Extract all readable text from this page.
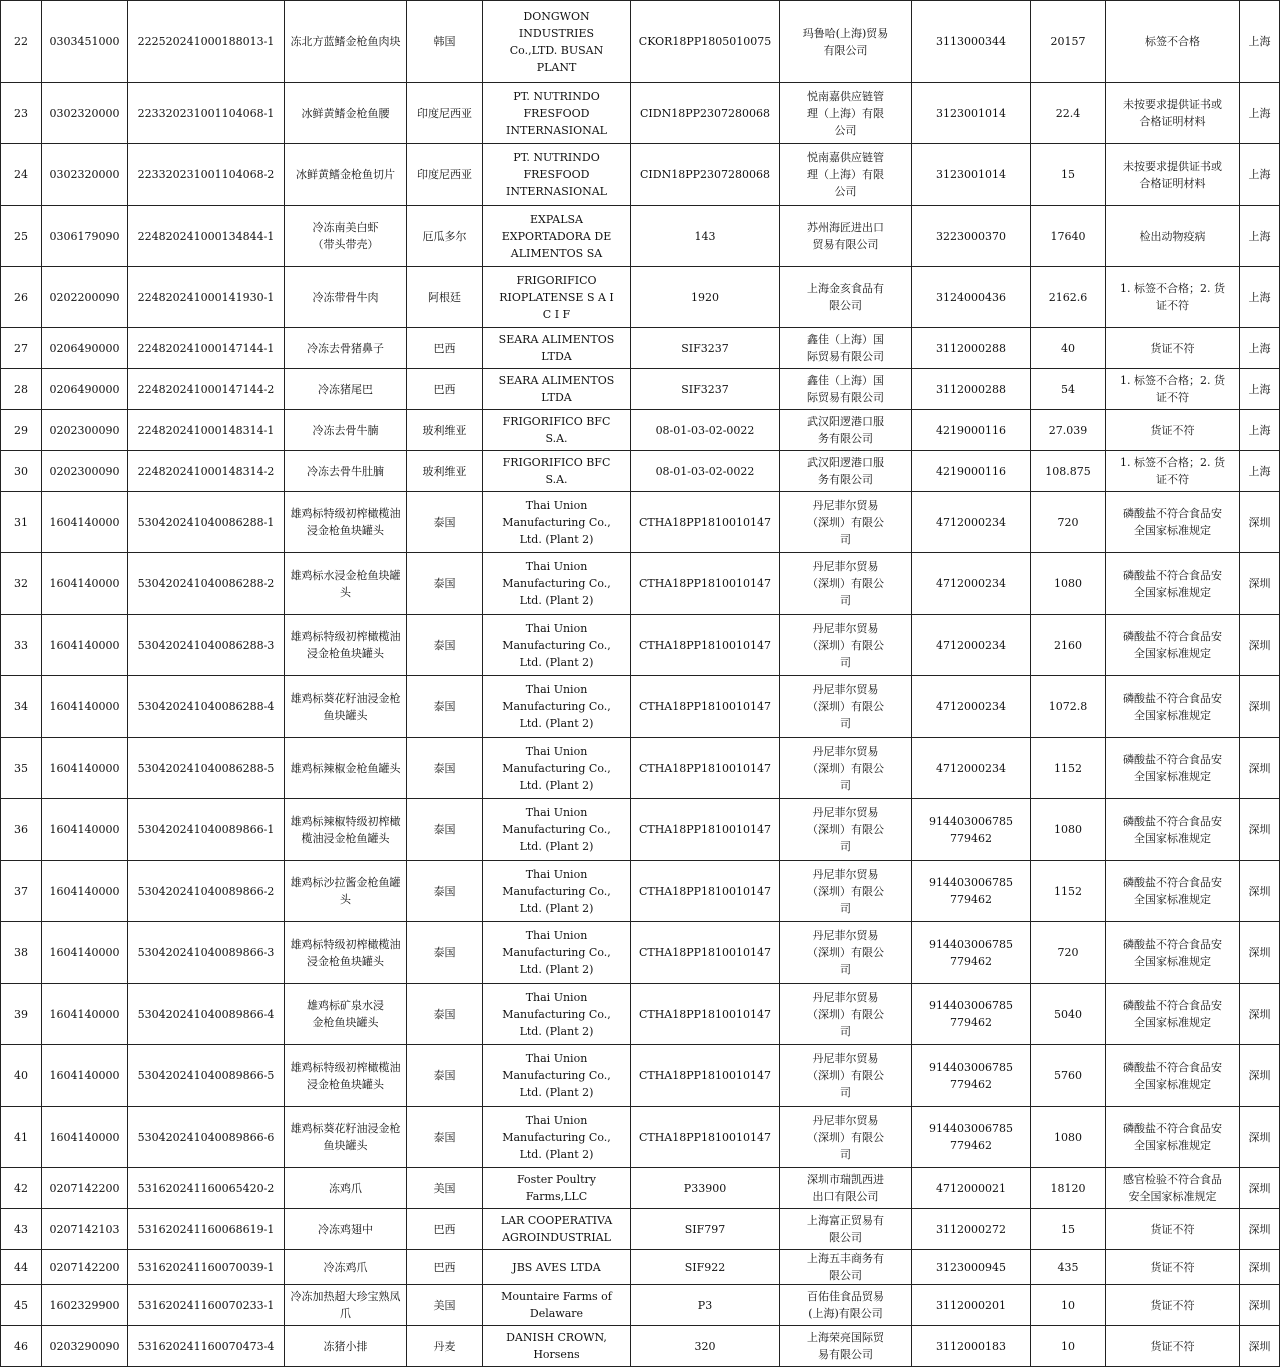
22	0303451000	222520241000188013-1	冻北方蓝鳍金枪鱼肉块	韩国	DONGWON
INDUSTRIES
Co.,LTD. BUSAN
PLANT	CKOR18PP1805010075	玛鲁哈(上海)贸易
有限公司	3113000344	20157	标签不合格	上海
23	0302320000	223320231001104068-1	冰鲜黄鳍金枪鱼腰	印度尼西亚	PT. NUTRINDO
FRESFOOD
INTERNASIONAL	CIDN18PP2307280068	悦南嘉供应链管
理（上海）有限
公司	3123001014	22.4	未按要求提供证书或
合格证明材料	上海
24	0302320000	223320231001104068-2	冰鲜黄鳍金枪鱼切片	印度尼西亚	PT. NUTRINDO
FRESFOOD
INTERNASIONAL	CIDN18PP2307280068	悦南嘉供应链管
理（上海）有限
公司	3123001014	15	未按要求提供证书或
合格证明材料	上海
25	0306179090	224820241000134844-1	冷冻南美白虾
（带头带壳）	厄瓜多尔	EXPALSA
EXPORTADORA DE
ALIMENTOS SA	143	苏州海匠进出口
贸易有限公司	3223000370	17640	检出动物疫病	上海
26	0202200090	224820241000141930-1	冷冻带骨牛肉	阿根廷	FRIGORIFICO
RIOPLATENSE S A I
C I F	1920	上海金亥食品有
限公司	3124000436	2162.6	1. 标签不合格；2. 货
证不符	上海
27	0206490000	224820241000147144-1	冷冻去骨猪鼻子	巴西	SEARA ALIMENTOS
LTDA	SIF3237	鑫佳（上海）国
际贸易有限公司	3112000288	40	货证不符	上海
28	0206490000	224820241000147144-2	冷冻猪尾巴	巴西	SEARA ALIMENTOS
LTDA	SIF3237	鑫佳（上海）国
际贸易有限公司	3112000288	54	1. 标签不合格；2. 货
证不符	上海
29	0202300090	224820241000148314-1	冷冻去骨牛腩	玻利维亚	FRIGORIFICO BFC
S.A.	08-01-03-02-0022	武汉阳逻港口服
务有限公司	4219000116	27.039	货证不符	上海
30	0202300090	224820241000148314-2	冷冻去骨牛肚腩	玻利维亚	FRIGORIFICO BFC
S.A.	08-01-03-02-0022	武汉阳逻港口服
务有限公司	4219000116	108.875	1. 标签不合格；2. 货
证不符	上海
31	1604140000	530420241040086288-1	雄鸡标特级初榨橄榄油
浸金枪鱼块罐头	泰国	Thai Union
Manufacturing Co.,
Ltd. (Plant 2)	CTHA18PP1810010147	丹尼菲尔贸易
（深圳）有限公
司	4712000234	720	磷酸盐不符合食品安
全国家标准规定	深圳
32	1604140000	530420241040086288-2	雄鸡标水浸金枪鱼块罐
头	泰国	Thai Union
Manufacturing Co.,
Ltd. (Plant 2)	CTHA18PP1810010147	丹尼菲尔贸易
（深圳）有限公
司	4712000234	1080	磷酸盐不符合食品安
全国家标准规定	深圳
33	1604140000	530420241040086288-3	雄鸡标特级初榨橄榄油
浸金枪鱼块罐头	泰国	Thai Union
Manufacturing Co.,
Ltd. (Plant 2)	CTHA18PP1810010147	丹尼菲尔贸易
（深圳）有限公
司	4712000234	2160	磷酸盐不符合食品安
全国家标准规定	深圳
34	1604140000	530420241040086288-4	雄鸡标葵花籽油浸金枪
鱼块罐头	泰国	Thai Union
Manufacturing Co.,
Ltd. (Plant 2)	CTHA18PP1810010147	丹尼菲尔贸易
（深圳）有限公
司	4712000234	1072.8	磷酸盐不符合食品安
全国家标准规定	深圳
35	1604140000	530420241040086288-5	雄鸡标辣椒金枪鱼罐头	泰国	Thai Union
Manufacturing Co.,
Ltd. (Plant 2)	CTHA18PP1810010147	丹尼菲尔贸易
（深圳）有限公
司	4712000234	1152	磷酸盐不符合食品安
全国家标准规定	深圳
36	1604140000	530420241040089866-1	雄鸡标辣椒特级初榨橄
榄油浸金枪鱼罐头	泰国	Thai Union
Manufacturing Co.,
Ltd. (Plant 2)	CTHA18PP1810010147	丹尼菲尔贸易
（深圳）有限公
司	914403006785
779462	1080	磷酸盐不符合食品安
全国家标准规定	深圳
37	1604140000	530420241040089866-2	雄鸡标沙拉酱金枪鱼罐
头	泰国	Thai Union
Manufacturing Co.,
Ltd. (Plant 2)	CTHA18PP1810010147	丹尼菲尔贸易
（深圳）有限公
司	914403006785
779462	1152	磷酸盐不符合食品安
全国家标准规定	深圳
38	1604140000	530420241040089866-3	雄鸡标特级初榨橄榄油
浸金枪鱼块罐头	泰国	Thai Union
Manufacturing Co.,
Ltd. (Plant 2)	CTHA18PP1810010147	丹尼菲尔贸易
（深圳）有限公
司	914403006785
779462	720	磷酸盐不符合食品安
全国家标准规定	深圳
39	1604140000	530420241040089866-4	雄鸡标矿泉水浸
金枪鱼块罐头	泰国	Thai Union
Manufacturing Co.,
Ltd. (Plant 2)	CTHA18PP1810010147	丹尼菲尔贸易
（深圳）有限公
司	914403006785
779462	5040	磷酸盐不符合食品安
全国家标准规定	深圳
40	1604140000	530420241040089866-5	雄鸡标特级初榨橄榄油
浸金枪鱼块罐头	泰国	Thai Union
Manufacturing Co.,
Ltd. (Plant 2)	CTHA18PP1810010147	丹尼菲尔贸易
（深圳）有限公
司	914403006785
779462	5760	磷酸盐不符合食品安
全国家标准规定	深圳
41	1604140000	530420241040089866-6	雄鸡标葵花籽油浸金枪
鱼块罐头	泰国	Thai Union
Manufacturing Co.,
Ltd. (Plant 2)	CTHA18PP1810010147	丹尼菲尔贸易
（深圳）有限公
司	914403006785
779462	1080	磷酸盐不符合食品安
全国家标准规定	深圳
42	0207142200	531620241160065420-2	冻鸡爪	美国	Foster Poultry
Farms,LLC	P33900	深圳市瑞凯西进
出口有限公司	4712000021	18120	感官检验不符合食品
安全国家标准规定	深圳
43	0207142103	531620241160068619-1	冷冻鸡翅中	巴西	LAR COOPERATIVA
AGROINDUSTRIAL	SIF797	上海富正贸易有
限公司	3112000272	15	货证不符	深圳
44	0207142200	531620241160070039-1	冷冻鸡爪	巴西	JBS AVES LTDA	SIF922	上海五丰商务有
限公司	3123000945	435	货证不符	深圳
45	1602329900	531620241160070233-1	冷冻加热超大珍宝熟凤
爪	美国	Mountaire Farms of
Delaware	P3	百佑佳食品贸易
(上海)有限公司	3112000201	10	货证不符	深圳
46	0203290090	531620241160070473-4	冻猪小排	丹麦	DANISH CROWN,
Horsens	320	上海荣亮国际贸
易有限公司	3112000183	10	货证不符	深圳
